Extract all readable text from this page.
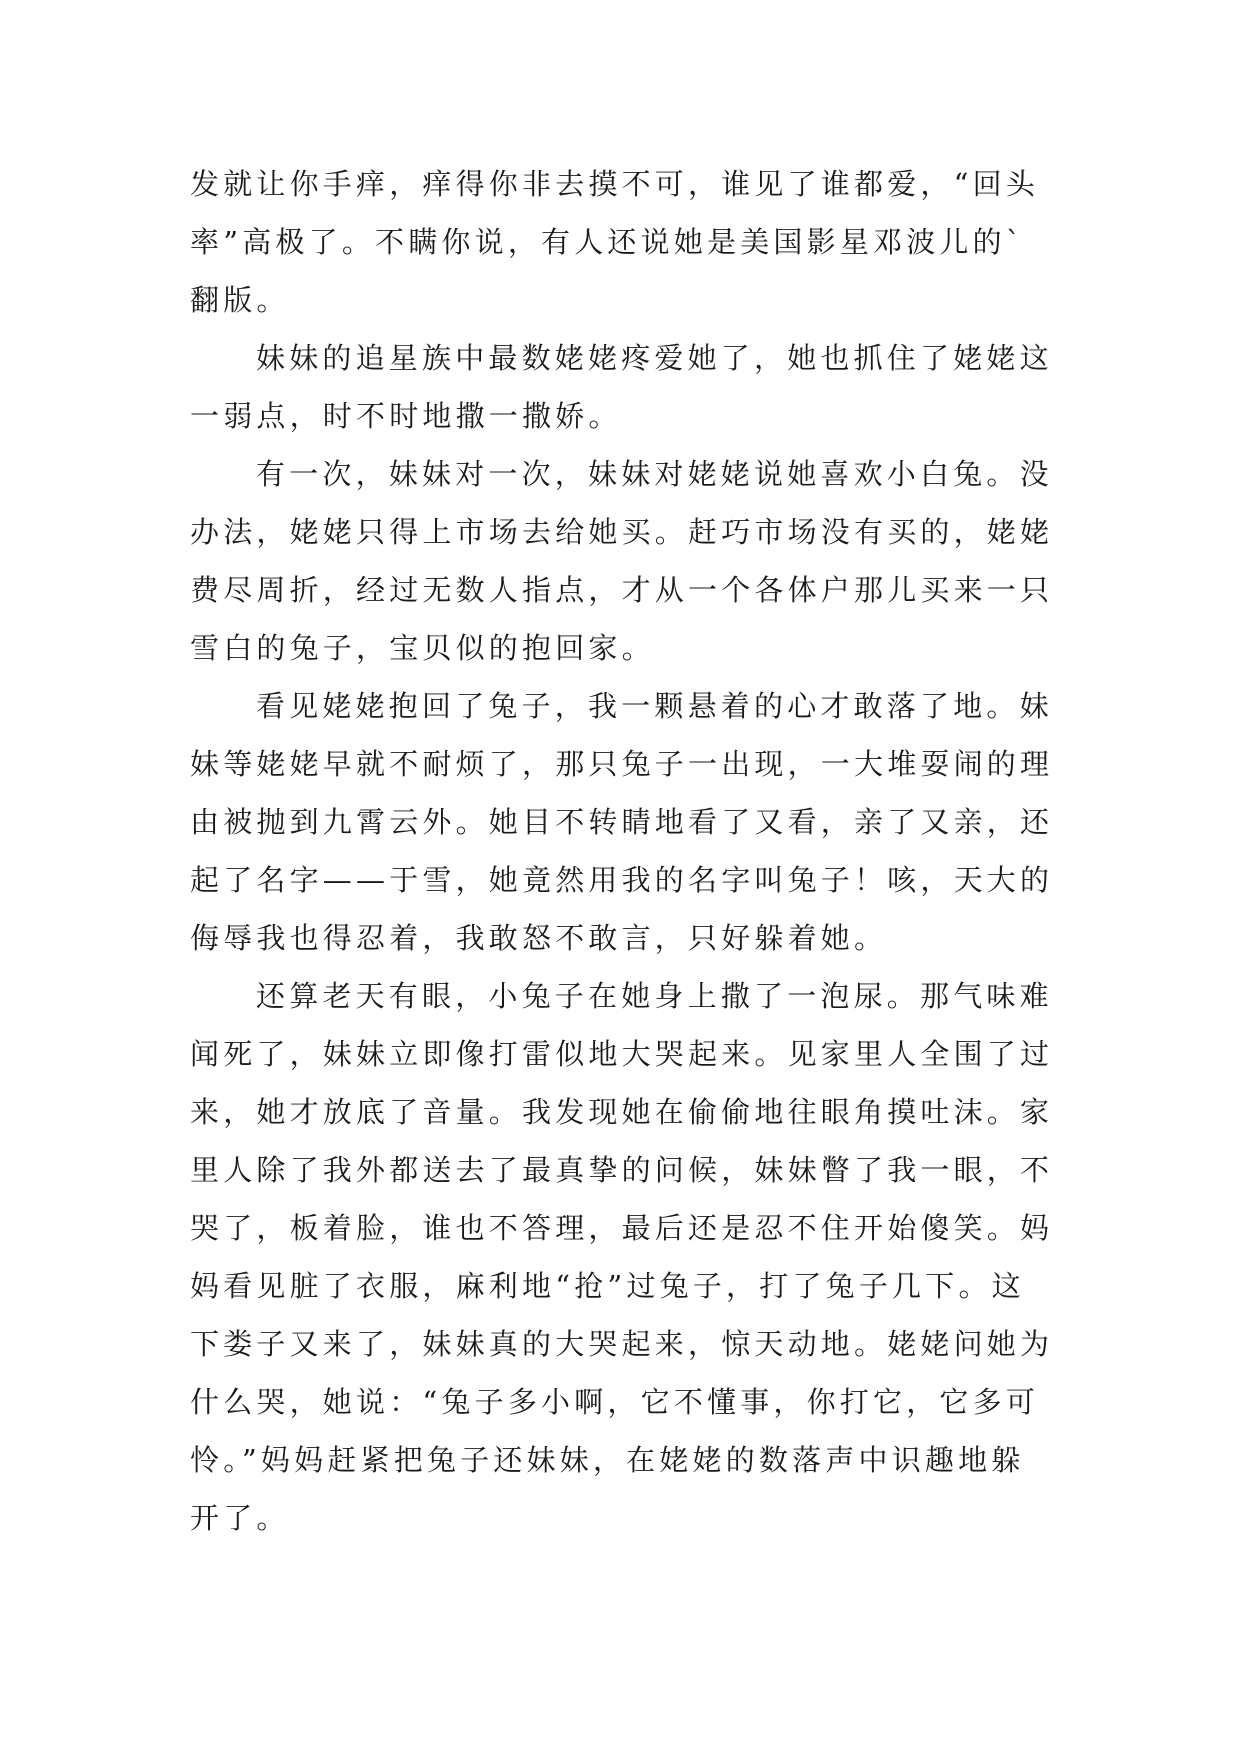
发就让你手痒，痒得你非去摸不可，谁见了谁都爱，“回头
率”高极了。不瞒你说，有人还说她是美国影星邓波儿的`
翻版。
妹妹的追星族中最数姥姥疼爱她了，她也抓住了姥姥这
一弱点，时不时地撒一撒娇。
有一次，妹妹对一次，妹妹对姥姥说她喜欢小白兔。没
办法，姥姥只得上市场去给她买。赶巧市场没有买的，姥姥
费尽周折，经过无数人指点，才从一个各体户那儿买来一只
雪白的兔子，宝贝似的抱回家。
看见姥姥抱回了兔子，我一颗悬着的心才敢落了地。妹
妹等姥姥早就不耐烦了，那只兔子一出现，一大堆耍闹的理
由被抛到九霄云外。她目不转睛地看了又看，亲了又亲，还
起了名字——于雪，她竟然用我的名字叫兔子！咳，天大的
侮辱我也得忍着，我敢怒不敢言，只好躲着她。
还算老天有眼，小兔子在她身上撒了一泡尿。那气味难
闻死了，妹妹立即像打雷似地大哭起来。见家里人全围了过
来，她才放底了音量。我发现她在偷偷地往眼角摸吐沫。家
里人除了我外都送去了最真挚的问候，妹妹瞥了我一眼，不
哭了，板着脸，谁也不答理，最后还是忍不住开始傻笑。妈
妈看见脏了衣服，麻利地“抢”过兔子，打了兔子几下。这
下娄子又来了，妹妹真的大哭起来，惊天动地。姥姥问她为
什么哭，她说：“兔子多小啊，它不懂事，你打它，它多可
怜。”妈妈赶紧把兔子还妹妹，在姥姥的数落声中识趣地躲
开了。
